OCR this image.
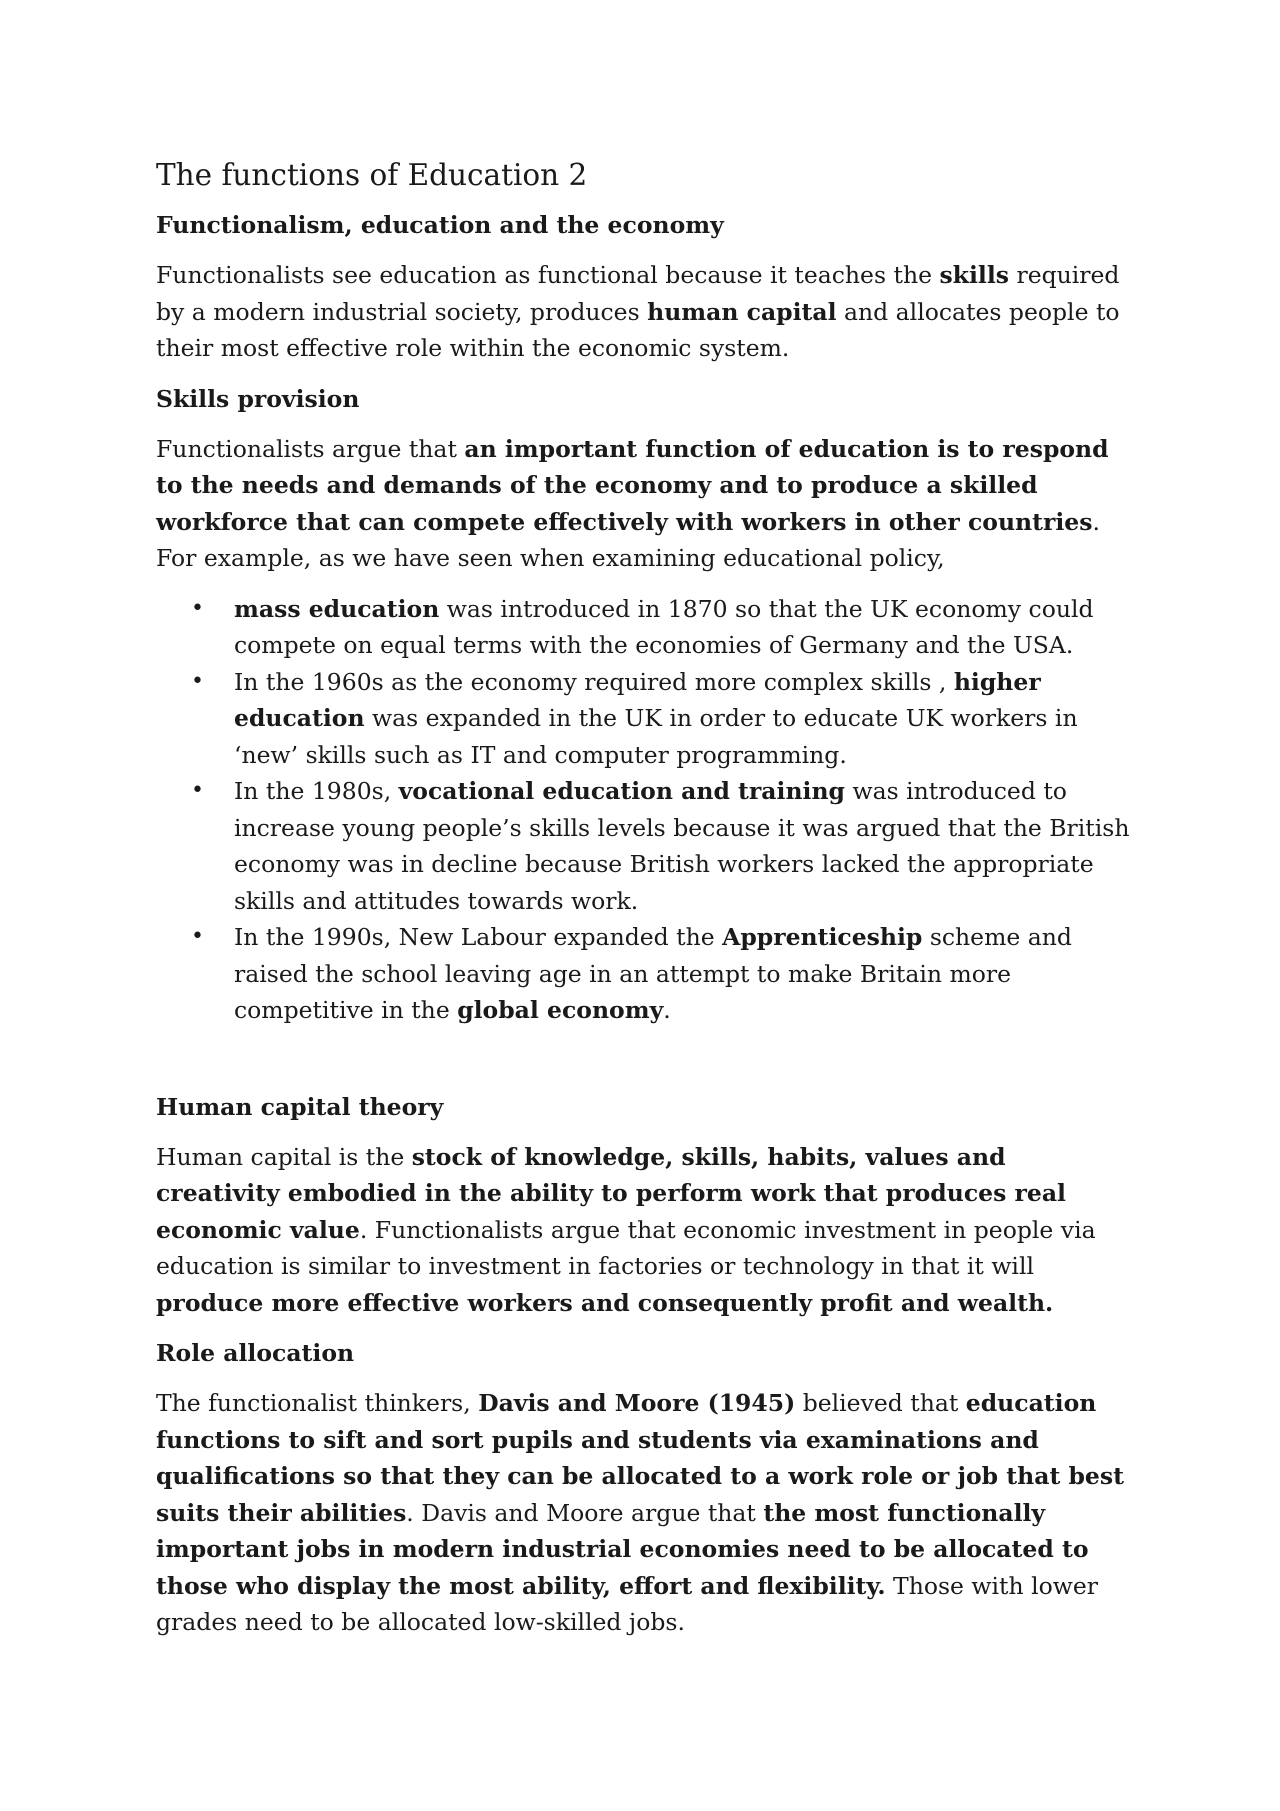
The functions of Education 2
Functionalism, education and the economy

Functionalists see education as functional because it teaches the skills required by a modern industrial society, produces human capital and allocates people to their most effective role within the economic system.

Skills provision

Functionalists argue that an important function of education is to respond to the needs and demands of the economy and to produce a skilled workforce that can compete effectively with workers in other countries. For example, as we have seen when examining educational policy,

• mass education was introduced in 1870 so that the UK economy could compete on equal terms with the economies of Germany and the USA.
• In the 1960s as the economy required more complex skills , higher education was expanded in the UK in order to educate UK workers in ‘new’ skills such as IT and computer programming.
• In the 1980s, vocational education and training was introduced to increase young people’s skills levels because it was argued that the British economy was in decline because British workers lacked the appropriate skills and attitudes towards work.
• In the 1990s, New Labour expanded the Apprenticeship scheme and raised the school leaving age in an attempt to make Britain more competitive in the global economy.
Human capital theory

Human capital is the stock of knowledge, skills, habits, values and creativity embodied in the ability to perform work that produces real economic value. Functionalists argue that economic investment in people via education is similar to investment in factories or technology in that it will produce more effective workers and consequently profit and wealth.

Role allocation

The functionalist thinkers, Davis and Moore (1945) believed that education functions to sift and sort pupils and students via examinations and qualifications so that they can be allocated to a work role or job that best suits their abilities. Davis and Moore argue that the most functionally important jobs in modern industrial economies need to be allocated to those who display the most ability, effort and flexibility. Those with lower grades need to be allocated low-skilled jobs.
